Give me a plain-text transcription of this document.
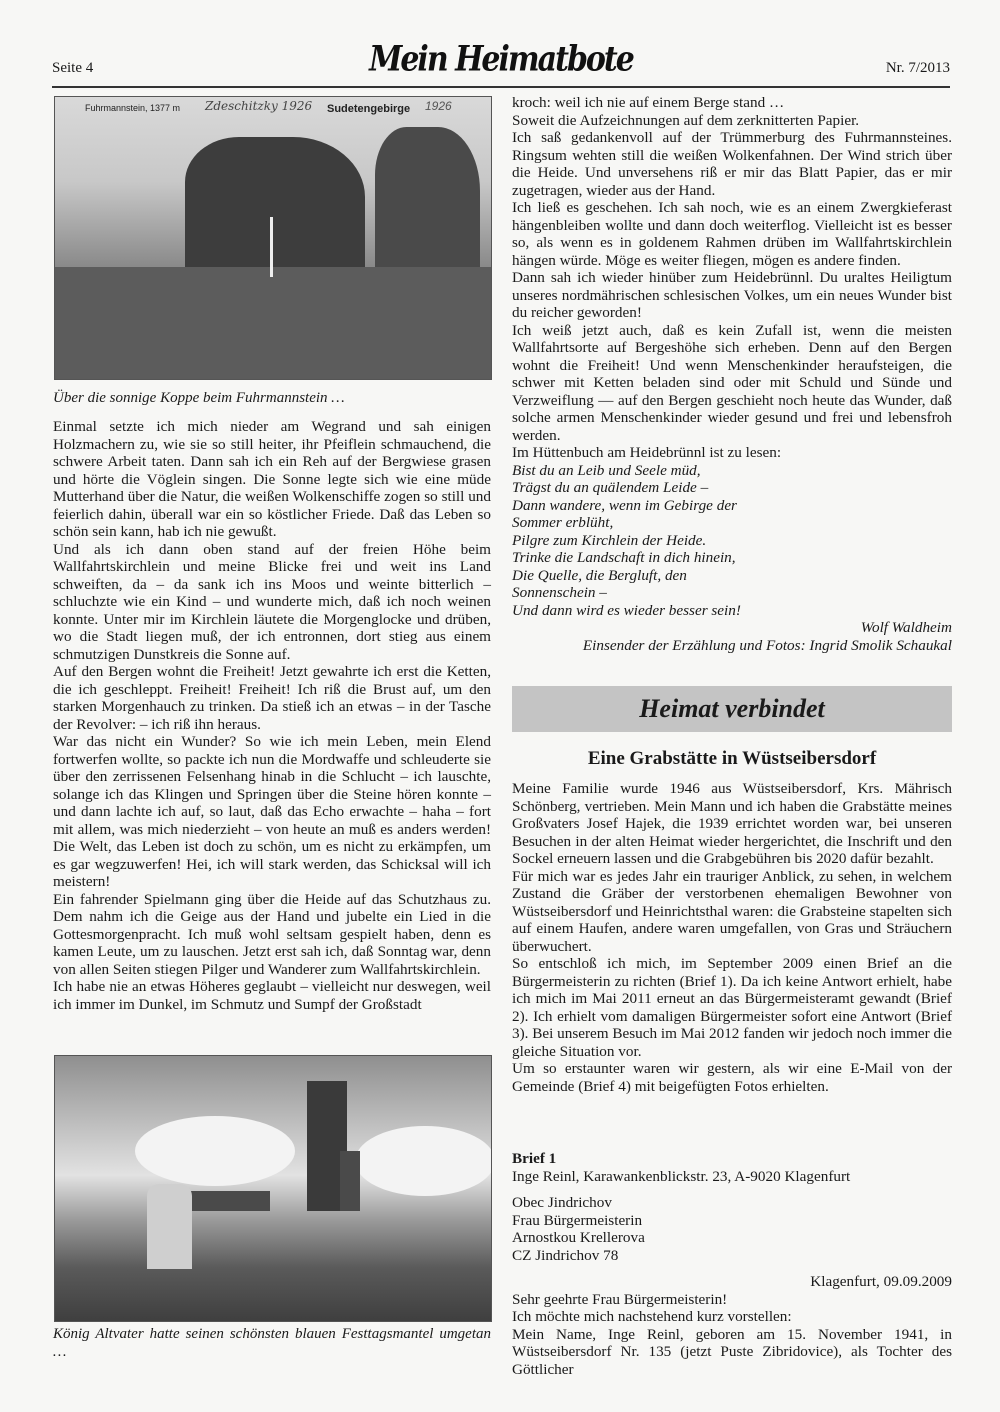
Seite 4	Mein Heimatbote	Nr. 7/2013
Fuhrmannstein, 1377 m Zdeschitzky 1926 Sudetengebirge 1926
Über die sonnige Koppe beim Fuhrmannstein …

Einmal setzte ich mich nieder am Wegrand und sah einigen Holzmachern zu, wie sie so still heiter, ihr Pfeiflein schmauchend, die schwere Arbeit taten. Dann sah ich ein Reh auf der Bergwiese grasen und hörte die Vöglein singen. Die Sonne legte sich wie eine müde Mutterhand über die Natur, die weißen Wolkenschiffe zogen so still und feierlich dahin, überall war ein so köstlicher Friede. Daß das Leben so schön sein kann, hab ich nie gewußt.

Und als ich dann oben stand auf der freien Höhe beim Wallfahrtskirchlein und meine Blicke frei und weit ins Land schweiften, da – da sank ich ins Moos und weinte bitterlich – schluchzte wie ein Kind – und wunderte mich, daß ich noch weinen konnte. Unter mir im Kirchlein läutete die Morgenglocke und drüben, wo die Stadt liegen muß, der ich entronnen, dort stieg aus einem schmutzigen Dunstkreis die Sonne auf.

Auf den Bergen wohnt die Freiheit! Jetzt gewahrte ich erst die Ketten, die ich geschleppt. Freiheit! Freiheit! Ich riß die Brust auf, um den starken Morgenhauch zu trinken. Da stieß ich an etwas – in der Tasche der Revolver: – ich riß ihn heraus.

War das nicht ein Wunder? So wie ich mein Leben, mein Elend fortwerfen wollte, so packte ich nun die Mordwaffe und schleuderte sie über den zerrissenen Felsenhang hinab in die Schlucht – ich lauschte, solange ich das Klingen und Springen über die Steine hören konnte –und dann lachte ich auf, so laut, daß das Echo erwachte – haha – fort mit allem, was mich niederzieht – von heute an muß es anders werden! Die Welt, das Leben ist doch zu schön, um es nicht zu erkämpfen, um es gar wegzuwerfen! Hei, ich will stark werden, das Schicksal will ich meistern!

Ein fahrender Spielmann ging über die Heide auf das Schutzhaus zu. Dem nahm ich die Geige aus der Hand und jubelte ein Lied in die Gottesmorgenpracht. Ich muß wohl seltsam gespielt haben, denn es kamen Leute, um zu lauschen. Jetzt erst sah ich, daß Sonntag war, denn von allen Seiten stiegen Pilger und Wanderer zum Wallfahrtskirchlein.

Ich habe nie an etwas Höheres geglaubt – vielleicht nur deswegen, weil ich immer im Dunkel, im Schmutz und Sumpf der Großstadt

König Altvater hatte seinen schönsten blauen Festtagsmantel umgetan …

kroch: weil ich nie auf einem Berge stand …

Soweit die Aufzeichnungen auf dem zerknitterten Papier.

Ich saß gedankenvoll auf der Trümmerburg des Fuhrmannsteines. Ringsum wehten still die weißen Wolkenfahnen. Der Wind strich über die Heide. Und unversehens riß er mir das Blatt Papier, das er mir zugetragen, wieder aus der Hand.

Ich ließ es geschehen. Ich sah noch, wie es an einem Zwergkieferast hängenbleiben wollte und dann doch weiterflog. Vielleicht ist es besser so, als wenn es in goldenem Rahmen drüben im Wallfahrtskirchlein hängen würde. Möge es weiter fliegen, mögen es andere finden.

Dann sah ich wieder hinüber zum Heidebrünnl. Du uraltes Heiligtum unseres nordmährischen schlesischen Volkes, um ein neues Wunder bist du reicher geworden!

Ich weiß jetzt auch, daß es kein Zufall ist, wenn die meisten Wallfahrtsorte auf Bergeshöhe sich erheben. Denn auf den Bergen wohnt die Freiheit! Und wenn Menschenkinder heraufsteigen, die schwer mit Ketten beladen sind oder mit Schuld und Sünde und Verzweiflung — auf den Bergen geschieht noch heute das Wunder, daß solche armen Menschenkinder wieder gesund und frei und lebensfroh werden.

Im Hüttenbuch am Heidebrünnl ist zu lesen:

Bist du an Leib und Seele müd,
Trägst du an quälendem Leide –
Dann wandere, wenn im Gebirge der
Sommer erblüht,
Pilgre zum Kirchlein der Heide.
Trinke die Landschaft in dich hinein,
Die Quelle, die Bergluft, den
Sonnenschein –
Und dann wird es wieder besser sein!
Wolf Waldheim
Einsender der Erzählung und Fotos: Ingrid Smolik Schaukal
Heimat verbindet
Eine Grabstätte in Wüstseibersdorf

Meine Familie wurde 1946 aus Wüstseibersdorf, Krs. Mährisch Schönberg, vertrieben. Mein Mann und ich haben die Grabstätte meines Großvaters Josef Hajek, die 1939 errichtet worden war, bei unseren Besuchen in der alten Heimat wieder hergerichtet, die Inschrift und den Sockel erneuern lassen und die Grabgebühren bis 2020 dafür bezahlt.

Für mich war es jedes Jahr ein trauriger Anblick, zu sehen, in welchem Zustand die Gräber der verstorbenen ehemaligen Bewohner von Wüstseibersdorf und Heinrichtsthal waren: die Grabsteine stapelten sich auf einem Haufen, andere waren umgefallen, von Gras und Sträuchern überwuchert.

So entschloß ich mich, im September 2009 einen Brief an die Bürgermeisterin zu richten (Brief 1). Da ich keine Antwort erhielt, habe ich mich im Mai 2011 erneut an das Bürgermeisteramt gewandt (Brief 2). Ich erhielt vom damaligen Bürgermeister sofort eine Antwort (Brief 3). Bei unserem Besuch im Mai 2012 fanden wir jedoch noch immer die gleiche Situation vor.

Um so erstaunter waren wir gestern, als wir eine E-Mail von der Gemeinde (Brief 4) mit beigefügten Fotos erhielten.

Brief 1
Inge Reinl, Karawankenblickstr. 23, A-9020 Klagenfurt
Obec Jindrichov
Frau Bürgermeisterin
Arnostkou Krellerova
CZ Jindrichov 78
Klagenfurt, 09.09.2009
Sehr geehrte Frau Bürgermeisterin!
Ich möchte mich nachstehend kurz vorstellen:
Mein Name, Inge Reinl, geboren am 15. November 1941, in Wüstseibersdorf Nr. 135 (jetzt Puste Zibridovice), als Tochter des Göttlicher
